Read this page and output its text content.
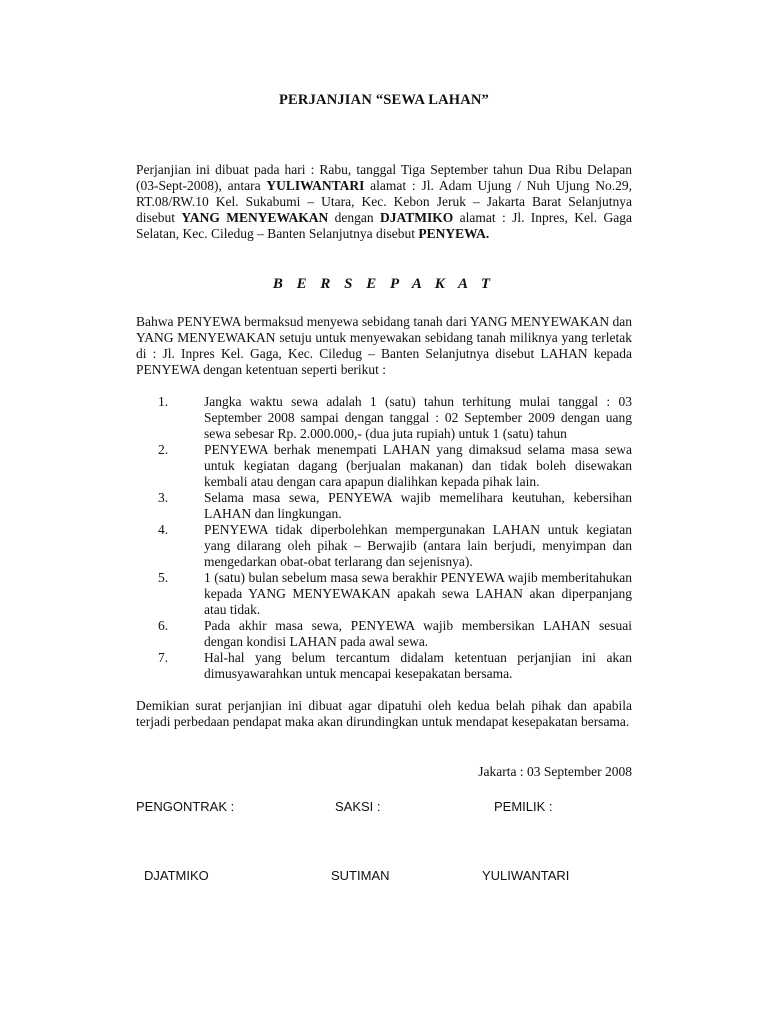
PERJANJIAN “SEWA LAHAN”
Perjanjian ini dibuat pada hari : Rabu, tanggal Tiga September tahun Dua Ribu Delapan (03-Sept-2008), antara YULIWANTARI alamat : Jl. Adam Ujung / Nuh Ujung No.29, RT.08/RW.10 Kel. Sukabumi – Utara, Kec. Kebon Jeruk – Jakarta Barat Selanjutnya disebut YANG MENYEWAKAN dengan DJATMIKO alamat : Jl. Inpres, Kel. Gaga Selatan, Kec. Ciledug – Banten Selanjutnya disebut PENYEWA.
B E R S E P A K A T
Bahwa PENYEWA bermaksud menyewa sebidang tanah dari YANG MENYEWAKAN dan YANG MENYEWAKAN setuju untuk menyewakan sebidang tanah miliknya yang terletak di : Jl. Inpres Kel. Gaga, Kec. Ciledug – Banten Selanjutnya disebut LAHAN kepada PENYEWA dengan ketentuan seperti berikut :
1.	Jangka waktu sewa adalah 1 (satu) tahun terhitung mulai tanggal : 03 September 2008 sampai dengan tanggal : 02 September 2009 dengan uang sewa sebesar Rp. 2.000.000,- (dua juta rupiah) untuk 1 (satu) tahun
2.	PENYEWA berhak menempati LAHAN yang dimaksud selama masa sewa untuk kegiatan dagang (berjualan makanan) dan tidak boleh disewakan kembali atau dengan cara apapun dialihkan kepada pihak lain.
3.	Selama masa sewa, PENYEWA wajib memelihara keutuhan, kebersihan LAHAN dan lingkungan.
4.	PENYEWA tidak diperbolehkan mempergunakan LAHAN untuk kegiatan yang dilarang oleh pihak – Berwajib (antara lain berjudi, menyimpan dan mengedarkan obat-obat terlarang dan sejenisnya).
5.	1 (satu) bulan sebelum masa sewa berakhir PENYEWA wajib memberitahukan kepada YANG MENYEWAKAN apakah sewa LAHAN akan diperpanjang atau tidak.
6.	Pada akhir masa sewa, PENYEWA wajib membersikan LAHAN sesuai dengan kondisi LAHAN pada awal sewa.
7.	Hal-hal yang belum tercantum didalam ketentuan perjanjian ini akan dimusyawarahkan untuk mencapai kesepakatan bersama.
Demikian surat perjanjian ini dibuat agar dipatuhi oleh kedua belah pihak dan apabila terjadi perbedaan pendapat maka akan dirundingkan untuk mendapat kesepakatan bersama.
Jakarta : 03 September 2008
PENGONTRAK :	SAKSI :	PEMILIK :
DJATMIKO	SUTIMAN	YULIWANTARI
